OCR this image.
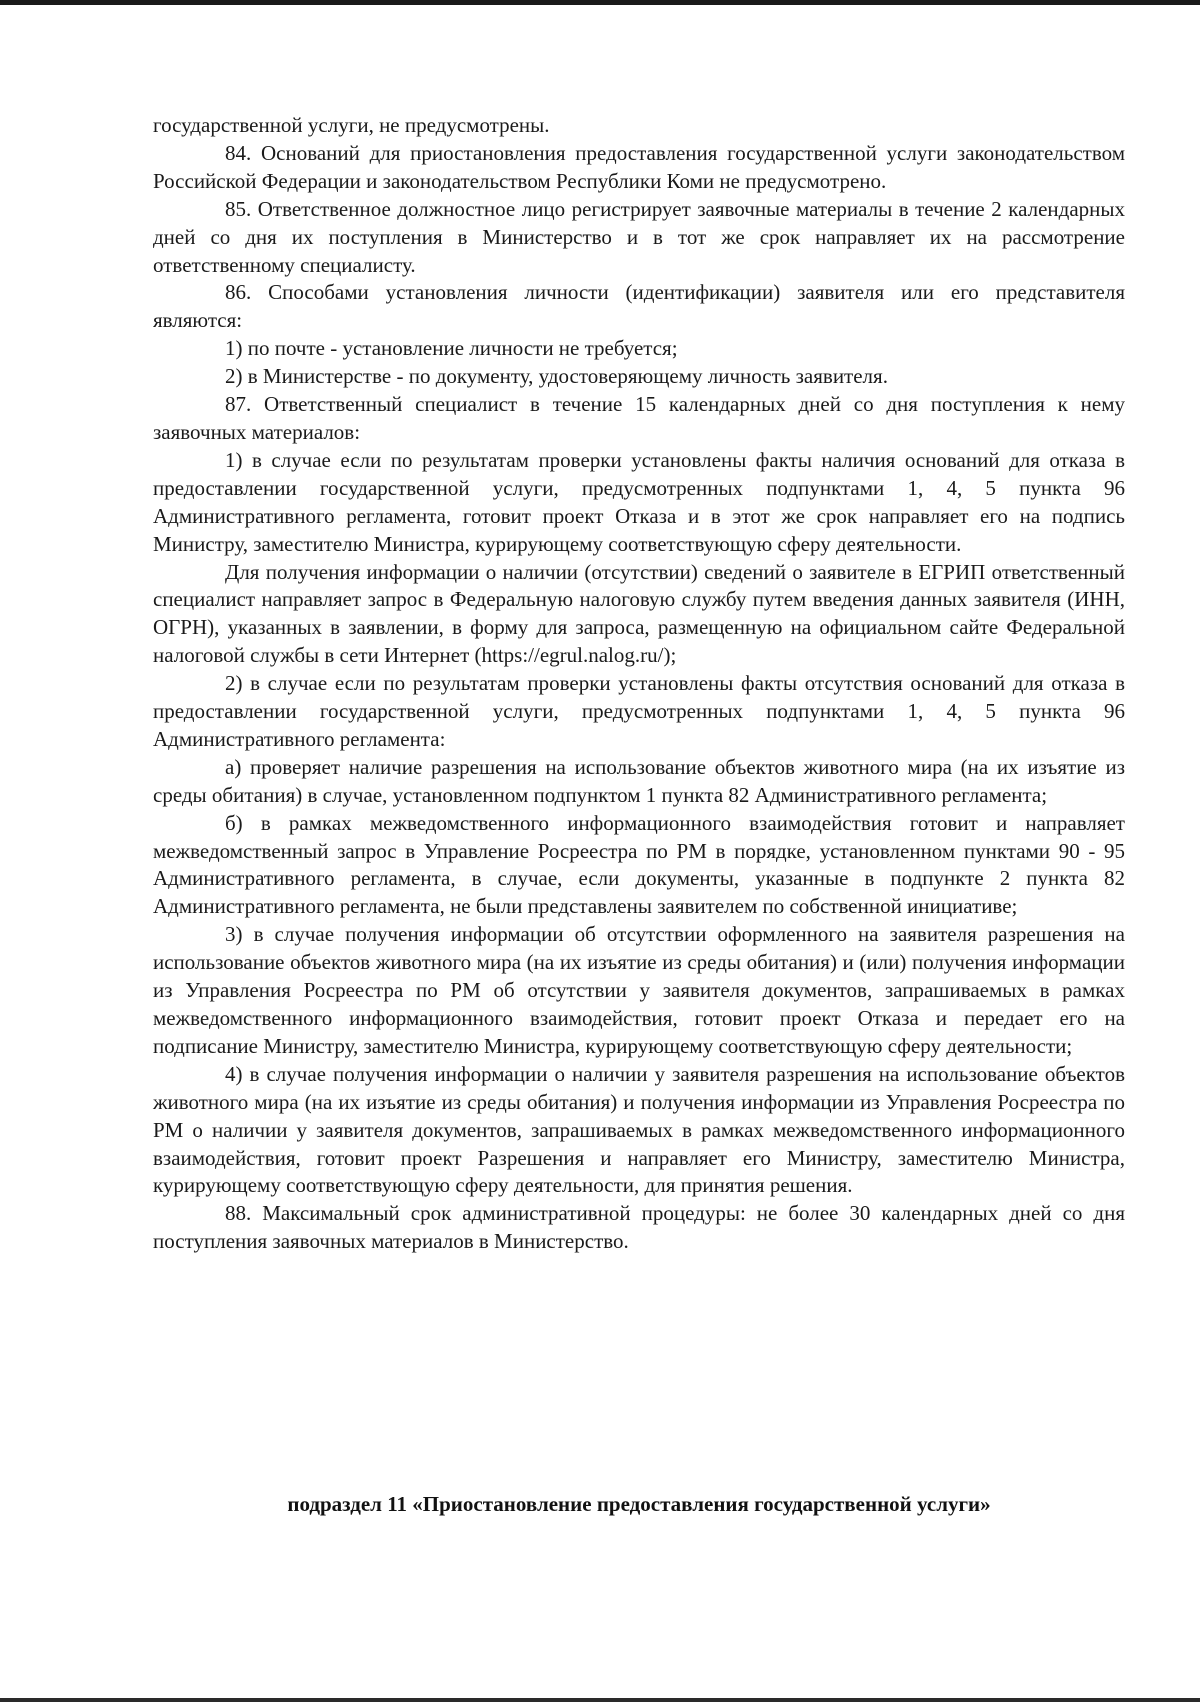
государственной услуги, не предусмотрены.

84. Оснований для приостановления предоставления государственной услуги законодательством Российской Федерации и законодательством Республики Коми не предусмотрено.

85. Ответственное должностное лицо регистрирует заявочные материалы в течение 2 календарных дней со дня их поступления в Министерство и в тот же срок направляет их на рассмотрение ответственному специалисту.

86. Способами установления личности (идентификации) заявителя или его представителя являются:

1) по почте - установление личности не требуется;

2) в Министерстве - по документу, удостоверяющему личность заявителя.

87. Ответственный специалист в течение 15 календарных дней со дня поступления к нему заявочных материалов:

1) в случае если по результатам проверки установлены факты наличия оснований для отказа в предоставлении государственной услуги, предусмотренных подпунктами 1, 4, 5 пункта 96 Административного регламента, готовит проект Отказа и в этот же срок направляет его на подпись Министру, заместителю Министра, курирующему соответствующую сферу деятельности.

Для получения информации о наличии (отсутствии) сведений о заявителе в ЕГРИП ответственный специалист направляет запрос в Федеральную налоговую службу путем введения данных заявителя (ИНН, ОГРН), указанных в заявлении, в форму для запроса, размещенную на официальном сайте Федеральной налоговой службы в сети Интернет (https://egrul.nalog.ru/);

2) в случае если по результатам проверки установлены факты отсутствия оснований для отказа в предоставлении государственной услуги, предусмотренных подпунктами 1, 4, 5 пункта 96 Административного регламента:

а) проверяет наличие разрешения на использование объектов животного мира (на их изъятие из среды обитания) в случае, установленном подпунктом 1 пункта 82 Административного регламента;

б) в рамках межведомственного информационного взаимодействия готовит и направляет межведомственный запрос в Управление Росреестра по РМ в порядке, установленном пунктами 90 - 95 Административного регламента, в случае, если документы, указанные в подпункте 2 пункта 82 Административного регламента, не были представлены заявителем по собственной инициативе;

3) в случае получения информации об отсутствии оформленного на заявителя разрешения на использование объектов животного мира (на их изъятие из среды обитания) и (или) получения информации из Управления Росреестра по РМ об отсутствии у заявителя документов, запрашиваемых в рамках межведомственного информационного взаимодействия, готовит проект Отказа и передает его на подписание Министру, заместителю Министра, курирующему соответствующую сферу деятельности;

4) в случае получения информации о наличии у заявителя разрешения на использование объектов животного мира (на их изъятие из среды обитания) и получения информации из Управления Росреестра по РМ о наличии у заявителя документов, запрашиваемых в рамках межведомственного информационного взаимодействия, готовит проект Разрешения и направляет его Министру, заместителю Министра, курирующему соответствующую сферу деятельности, для принятия решения.

88. Максимальный срок административной процедуры: не более 30 календарных дней со дня поступления заявочных материалов в Министерство.

подраздел 11 «Приостановление предоставления государственной услуги»
